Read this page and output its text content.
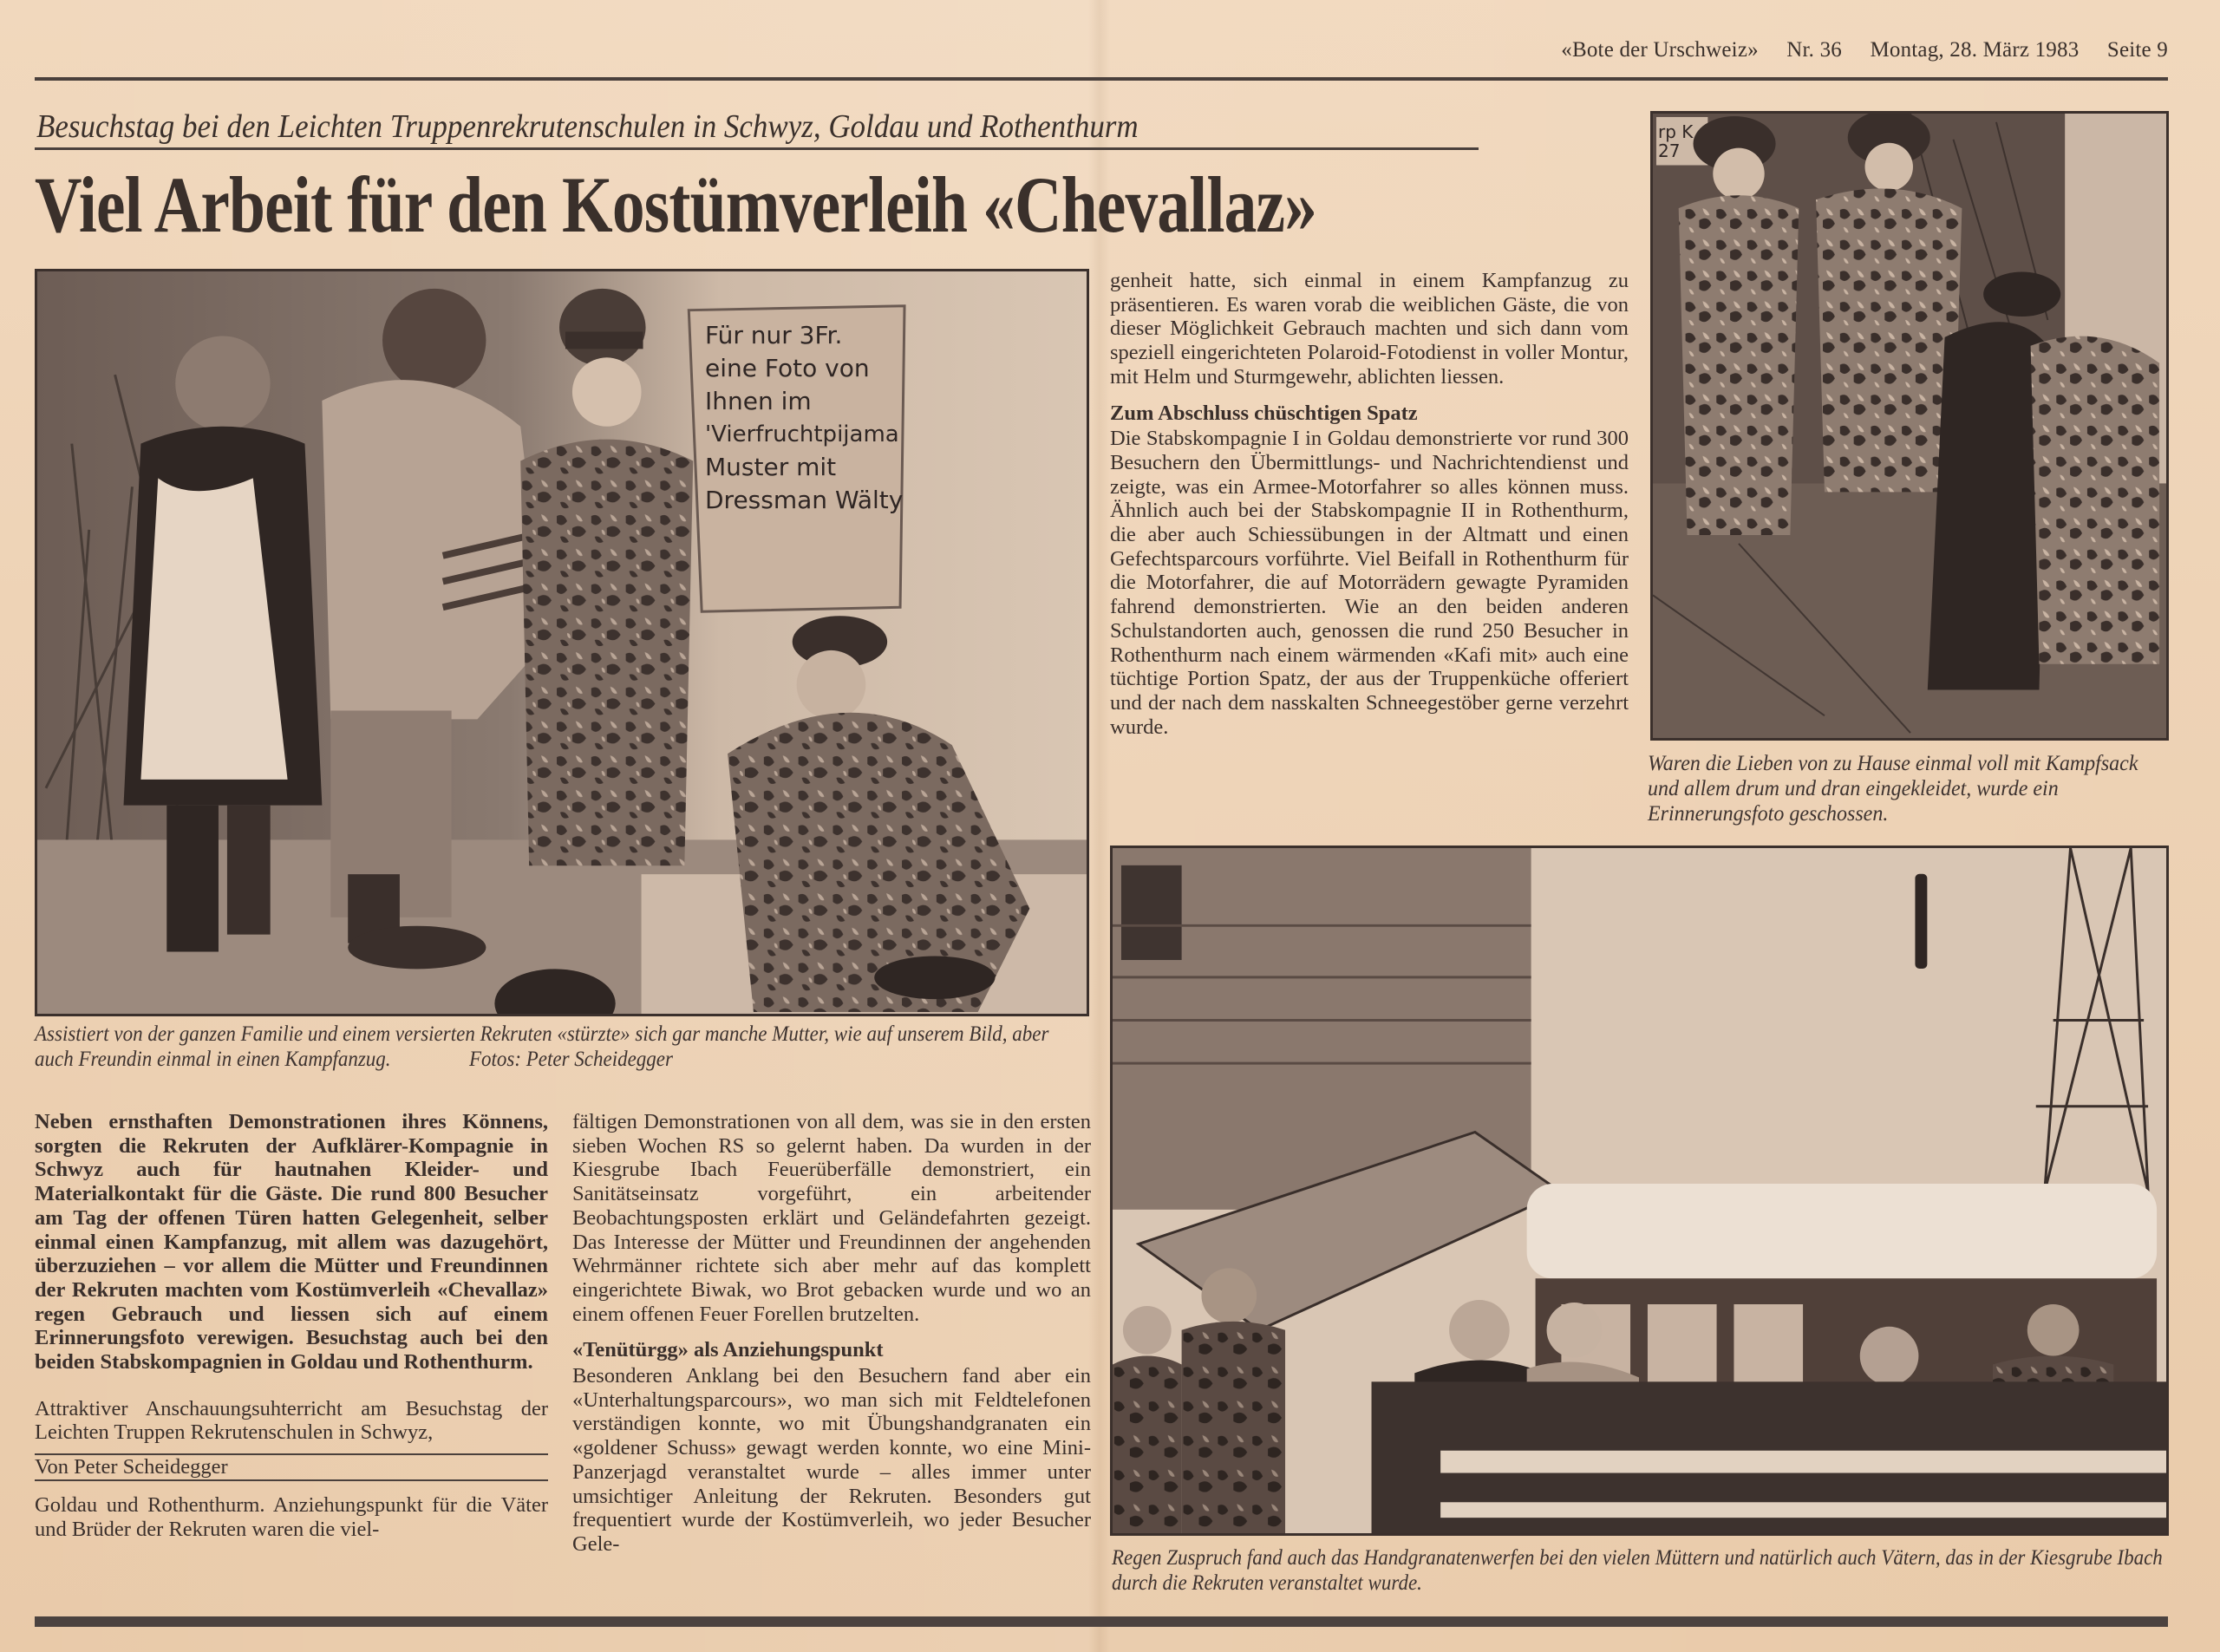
«Bote der Urschweiz» Nr. 36 Montag, 28. März 1983 Seite 9
Besuchstag bei den Leichten Truppenrekrutenschulen in Schwyz, Goldau und Rothenthurm
Viel Arbeit für den Kostümverleih «Chevallaz»
Für nur 3Fr.
eine Foto von
Ihnen im
'Vierfruchtpijama
Muster mit
Dressman Wälty
Assistiert von der ganzen Familie und einem versierten Rekruten «stürzte» sich gar manche Mutter, wie auf unserem Bild, aber auch Freundin einmal in einen Kampfanzug.	Fotos: Peter Scheidegger
rp K 27
Waren die Lieben von zu Hause einmal voll mit Kampfsack und allem drum und dran eingekleidet, wurde ein Erinnerungsfoto geschossen.
Regen Zuspruch fand auch das Handgranatenwerfen bei den vielen Müttern und natürlich auch Vätern, das in der Kiesgrube Ibach durch die Rekruten veranstaltet wurde.

Neben ernsthaften Demonstrationen ihres Könnens, sorgten die Rekruten der Aufklärer-Kompagnie in Schwyz auch für hautnahen Kleider- und Materialkontakt für die Gäste. Die rund 800 Besucher am Tag der offenen Türen hatten Gelegenheit, selber einmal einen Kampfanzug, mit allem was dazugehört, überzuziehen – vor allem die Mütter und Freundinnen der Rekruten machten vom Kostümverleih «Chevallaz» regen Gebrauch und liessen sich auf einem Erinnerungsfoto verewigen. Besuchstag auch bei den beiden Stabskompagnien in Goldau und Rothenthurm.

Attraktiver Anschauungsuhterricht am Besuchstag der Leichten Truppen Rekrutenschulen in Schwyz,

Von Peter Scheidegger

Goldau und Rothenthurm. Anziehungspunkt für die Väter und Brüder der Rekruten waren die viel-

fältigen Demonstrationen von all dem, was sie in den ersten sieben Wochen RS so gelernt haben. Da wurden in der Kiesgrube Ibach Feuerüberfälle demonstriert, ein Sanitätseinsatz vorgeführt, ein arbeitender Beobachtungsposten erklärt und Geländefahrten gezeigt. Das Interesse der Mütter und Freundinnen der angehenden Wehrmänner richtete sich aber mehr auf das komplett eingerichtete Biwak, wo Brot gebacken wurde und wo an einem offenen Feuer Forellen brutzelten.

«Tenütürgg» als Anziehungspunkt

Besonderen Anklang bei den Besuchern fand aber ein «Unterhaltungsparcours», wo man sich mit Feldtelefonen verständigen konnte, wo mit Übungshandgranaten ein «goldener Schuss» gewagt werden konnte, wo eine Mini-Panzerjagd veranstaltet wurde – alles immer unter umsichtiger Anleitung der Rekruten. Besonders gut frequentiert wurde der Kostümverleih, wo jeder Besucher Gele-

genheit hatte, sich einmal in einem Kampfanzug zu präsentieren. Es waren vorab die weiblichen Gäste, die von dieser Möglichkeit Gebrauch machten und sich dann vom speziell eingerichteten Polaroid-Fotodienst in voller Montur, mit Helm und Sturmgewehr, ablichten liessen.

Zum Abschluss chüschtigen Spatz

Die Stabskompagnie I in Goldau demonstrierte vor rund 300 Besuchern den Übermittlungs- und Nachrichtendienst und zeigte, was ein Armee-Motorfahrer so alles können muss. Ähnlich auch bei der Stabskompagnie II in Rothenthurm, die aber auch Schiessübungen in der Altmatt und einen Gefechtsparcours vorführte. Viel Beifall in Rothenthurm für die Motorfahrer, die auf Motorrädern gewagte Pyramiden fahrend demonstrierten. Wie an den beiden anderen Schulstandorten auch, genossen die rund 250 Besucher in Rothenthurm nach einem wärmenden «Kafi mit» auch eine tüchtige Portion Spatz, der aus der Truppenküche offeriert und der nach dem nasskalten Schneegestöber gerne verzehrt wurde.
